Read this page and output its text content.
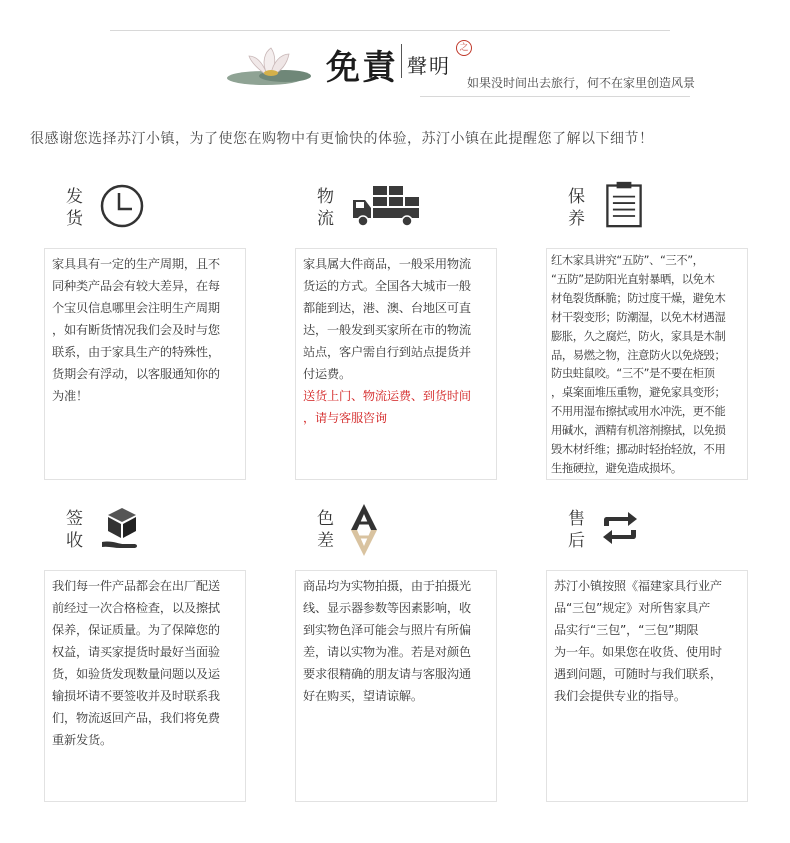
免責 聲明
之
如果没时间出去旅行，何不在家里创造风景
很感谢您选择苏汀小镇，为了使您在购物中有更愉快的体验，苏汀小镇在此提醒您了解以下细节！
发
货

家具具有一定的生产周期，且不

同种类产品会有较大差异，在每

个宝贝信息哪里会注明生产周期

，如有断货情况我们会及时与您

联系，由于家具生产的特殊性，

货期会有浮动，以客服通知你的

为准！

物
流

家具属大件商品，一般采用物流

货运的方式。全国各大城市一般

都能到达，港、澳、台地区可直

达，一般发到买家所在市的物流

站点，客户需自行到站点提货并

付运费。

送货上门、物流运费、到货时间

，请与客服咨询

保
养

红木家具讲究“五防”、“三不”，

“五防”是防阳光直射暴晒，以免木

材龟裂货酥脆；防过度干燥，避免木

材干裂变形；防潮湿，以免木材遇湿

膨胀，久之腐烂，防火，家具是木制

品，易燃之物，注意防火以免烧毁；

防虫蛀鼠咬。“三不”是不要在柜顶

，桌案面堆压重物，避免家具变形；

不用用湿布擦拭或用水冲洗，更不能

用碱水，酒精有机溶剂擦拭，以免损

毁木材纤维；挪动时轻抬轻放，不用

生拖硬拉，避免造成损坏。

签
收

我们每一件产品都会在出厂配送

前经过一次合格检查，以及擦拭

保养，保证质量。为了保障您的

权益，请买家提货时最好当面验

货，如验货发现数量问题以及运

输损坏请不要签收并及时联系我

们，物流返回产品，我们将免费

重新发货。

色
差

商品均为实物拍摄，由于拍摄光

线、显示器参数等因素影响，收

到实物色泽可能会与照片有所偏

差，请以实物为准。若是对颜色

要求很精确的朋友请与客服沟通

好在购买，望请谅解。

售
后

苏汀小镇按照《福建家具行业产

品“三包”规定》对所售家具产

品实行“三包”，“三包”期限

为一年。如果您在收货、使用时

遇到问题，可随时与我们联系，

我们会提供专业的指导。
